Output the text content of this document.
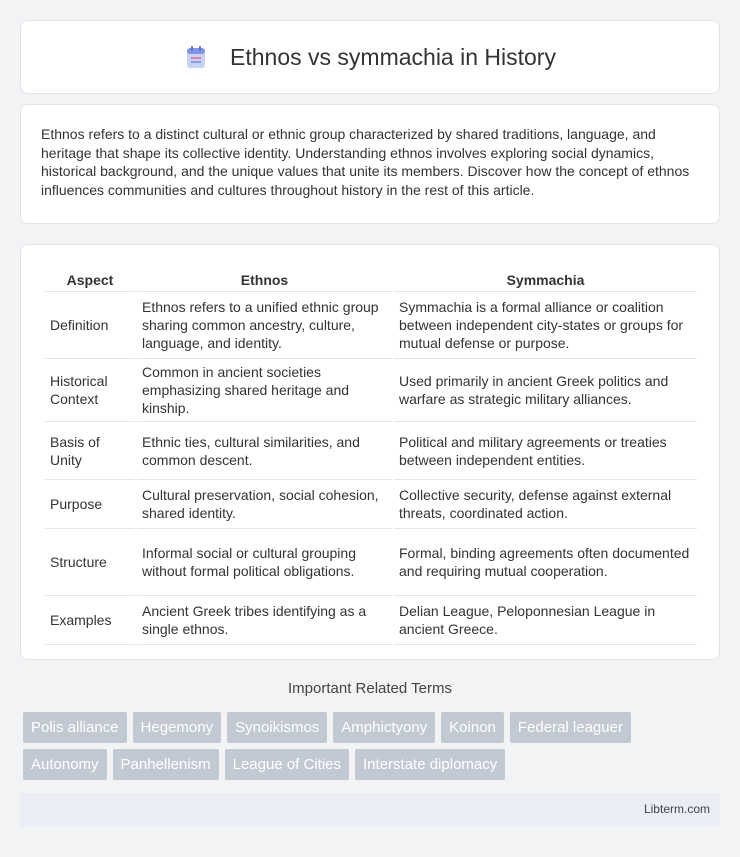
Ethnos vs symmachia in History

Ethnos refers to a distinct cultural or ethnic group characterized by shared traditions, language, and heritage that shape its collective identity. Understanding ethnos involves exploring social dynamics, historical background, and the unique values that unite its members. Discover how the concept of ethnos influences communities and cultures throughout history in the rest of this article.

Aspect	Ethnos	Symmachia
Definition	Ethnos refers to a unified ethnic group sharing common ancestry, culture, language, and identity.	Symmachia is a formal alliance or coalition between independent city-states or groups for mutual defense or purpose.
Historical Context	Common in ancient societies emphasizing shared heritage and kinship.	Used primarily in ancient Greek politics and warfare as strategic military alliances.
Basis of Unity	Ethnic ties, cultural similarities, and common descent.	Political and military agreements or treaties between independent entities.
Purpose	Cultural preservation, social cohesion, shared identity.	Collective security, defense against external threats, coordinated action.
Structure	Informal social or cultural grouping without formal political obligations.	Formal, binding agreements often documented and requiring mutual cooperation.
Examples	Ancient Greek tribes identifying as a single ethnos.	Delian League, Peloponnesian League in ancient Greece.
Important Related Terms
Polis alliance	Hegemony	Synoikismos	Amphictyony	Koinon	Federal leaguer
Autonomy	Panhellenism	League of Cities	Interstate diplomacy
Libterm.com
